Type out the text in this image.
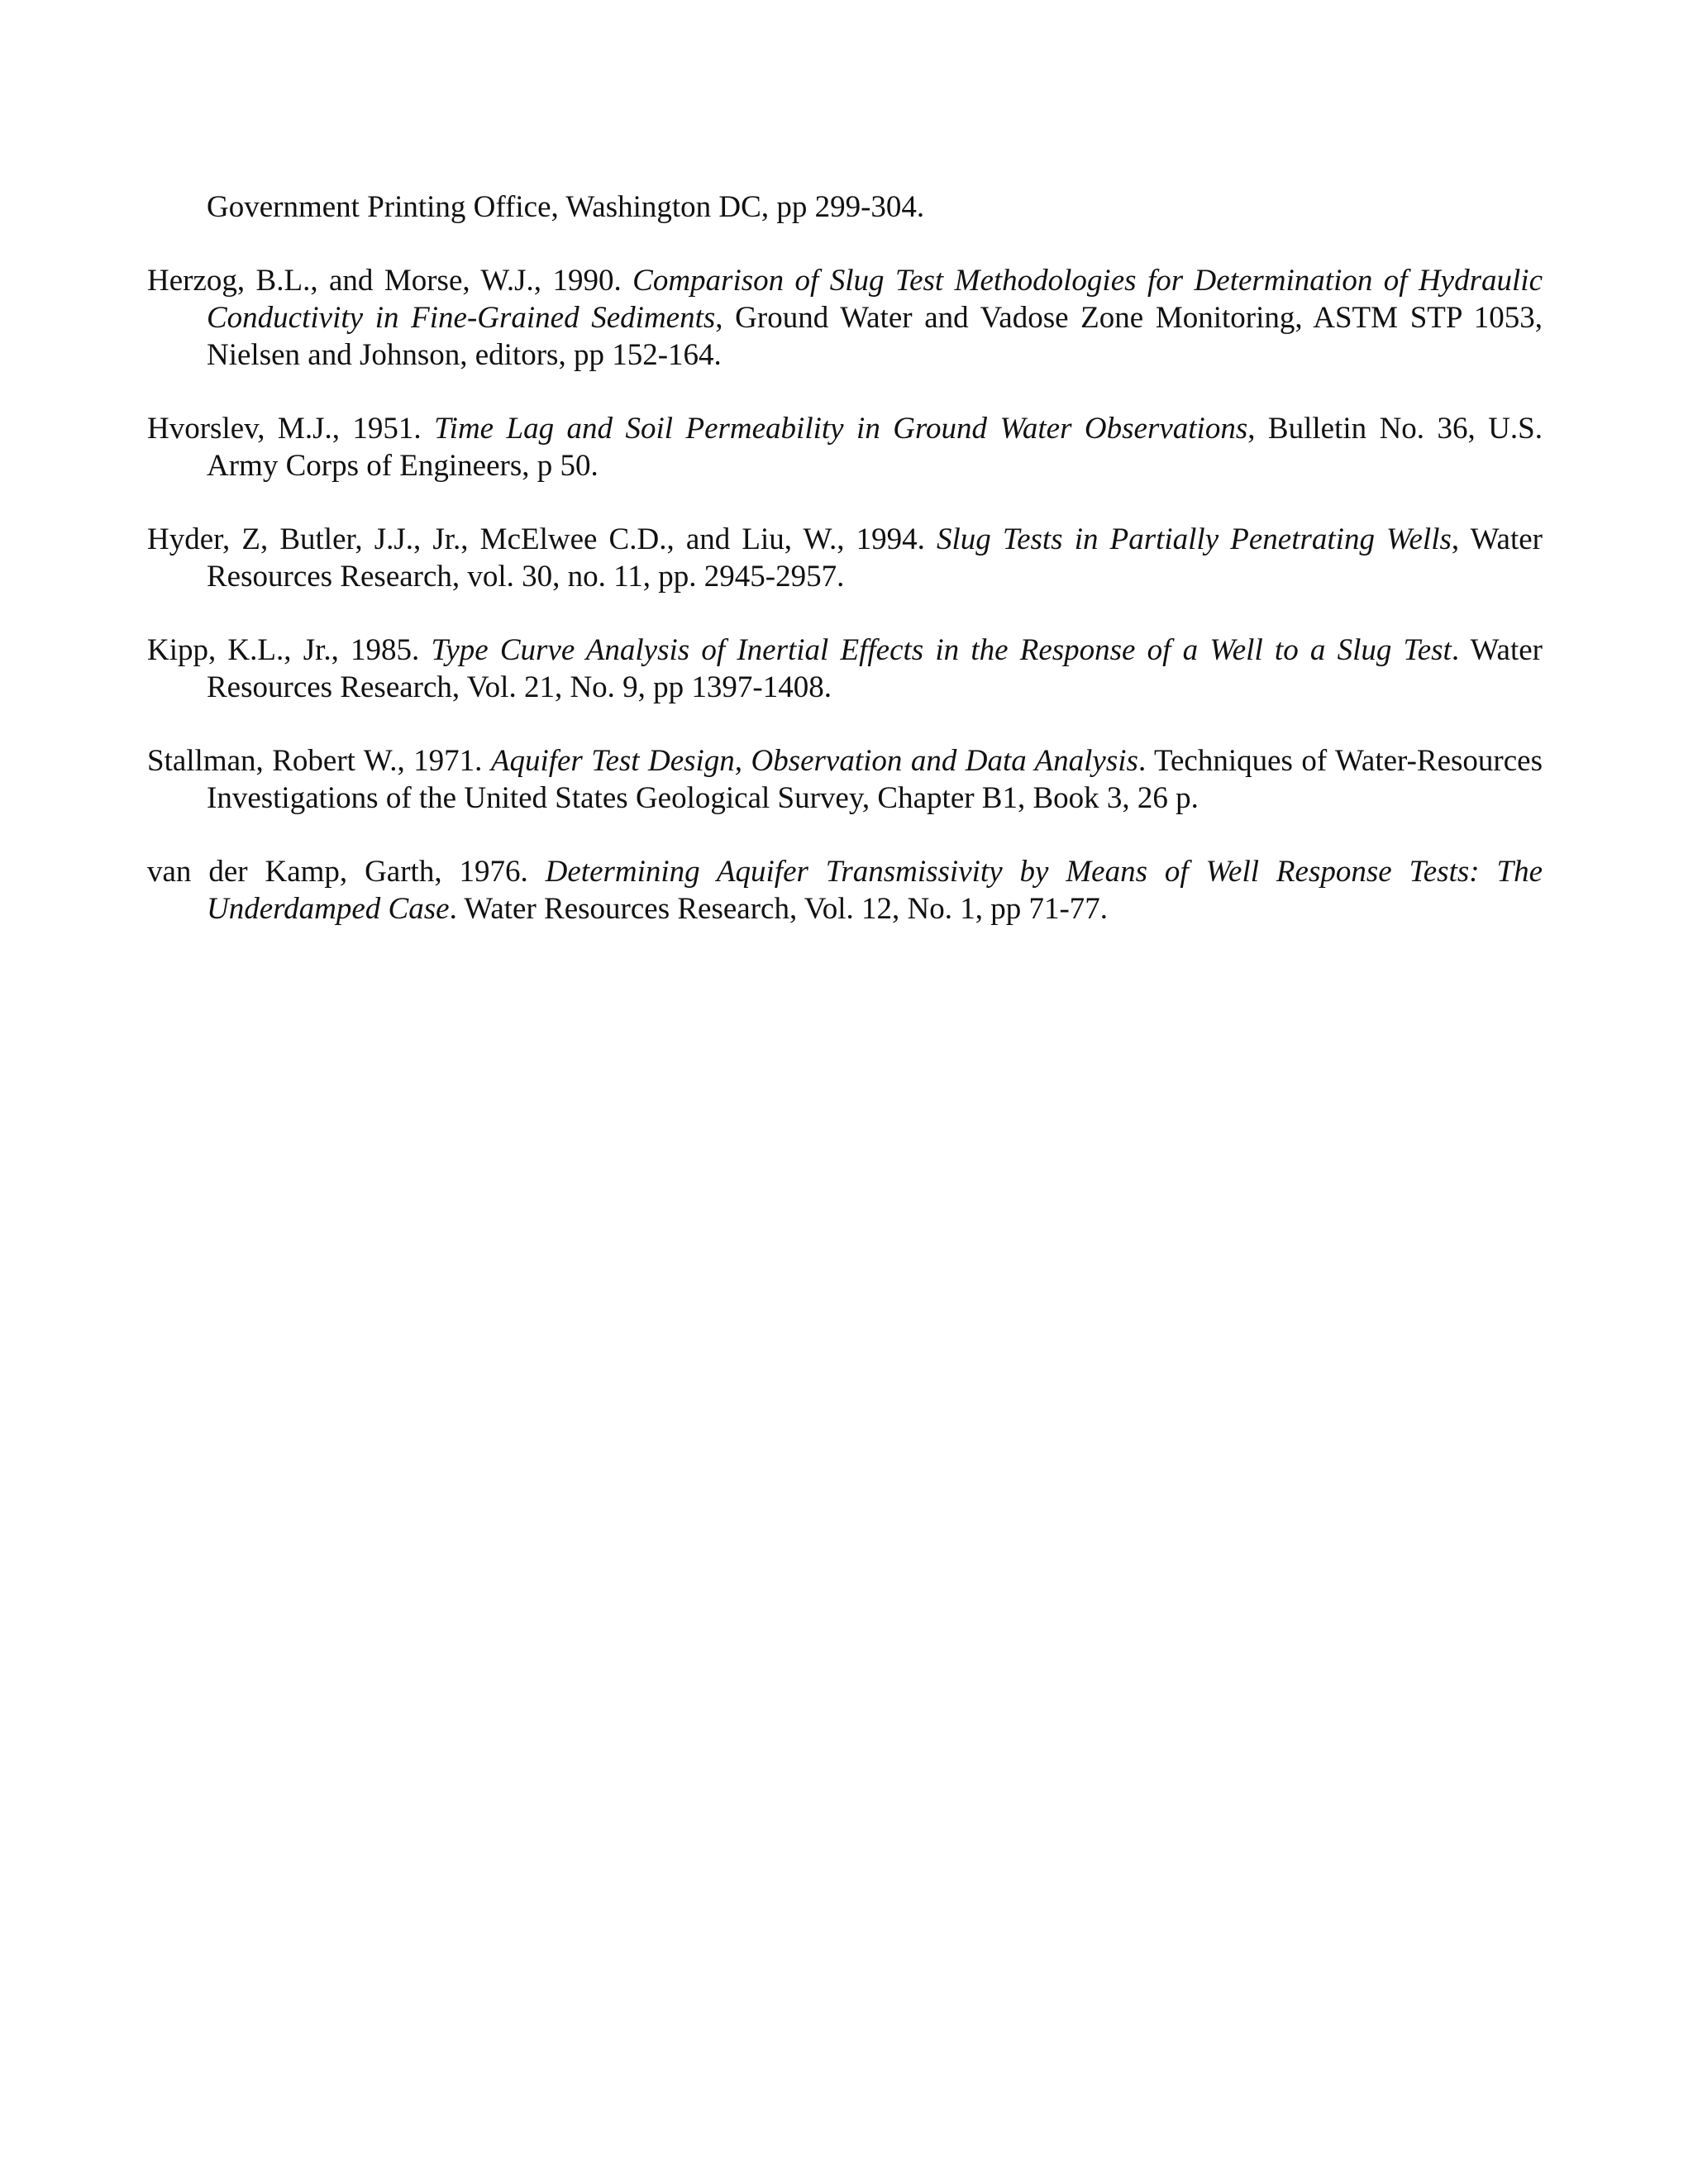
Government Printing Office, Washington DC, pp 299-304.

Herzog, B.L., and Morse, W.J., 1990. Comparison of Slug Test Methodologies for Determination of Hydraulic Conductivity in Fine-Grained Sediments, Ground Water and Vadose Zone Monitoring, ASTM STP 1053, Nielsen and Johnson, editors, pp 152-164.

Hvorslev, M.J., 1951. Time Lag and Soil Permeability in Ground Water Observations, Bulletin No. 36, U.S. Army Corps of Engineers, p 50.

Hyder, Z, Butler, J.J., Jr., McElwee C.D., and Liu, W., 1994. Slug Tests in Partially Penetrating Wells, Water Resources Research, vol. 30, no. 11, pp. 2945-2957.

Kipp, K.L., Jr., 1985. Type Curve Analysis of Inertial Effects in the Response of a Well to a Slug Test. Water Resources Research, Vol. 21, No. 9, pp 1397-1408.

Stallman, Robert W., 1971. Aquifer Test Design, Observation and Data Analysis. Techniques of Water-Resources Investigations of the United States Geological Survey, Chapter B1, Book 3, 26 p.

van der Kamp, Garth, 1976. Determining Aquifer Transmissivity by Means of Well Response Tests: The Underdamped Case. Water Resources Research, Vol. 12, No. 1, pp 71-77.
